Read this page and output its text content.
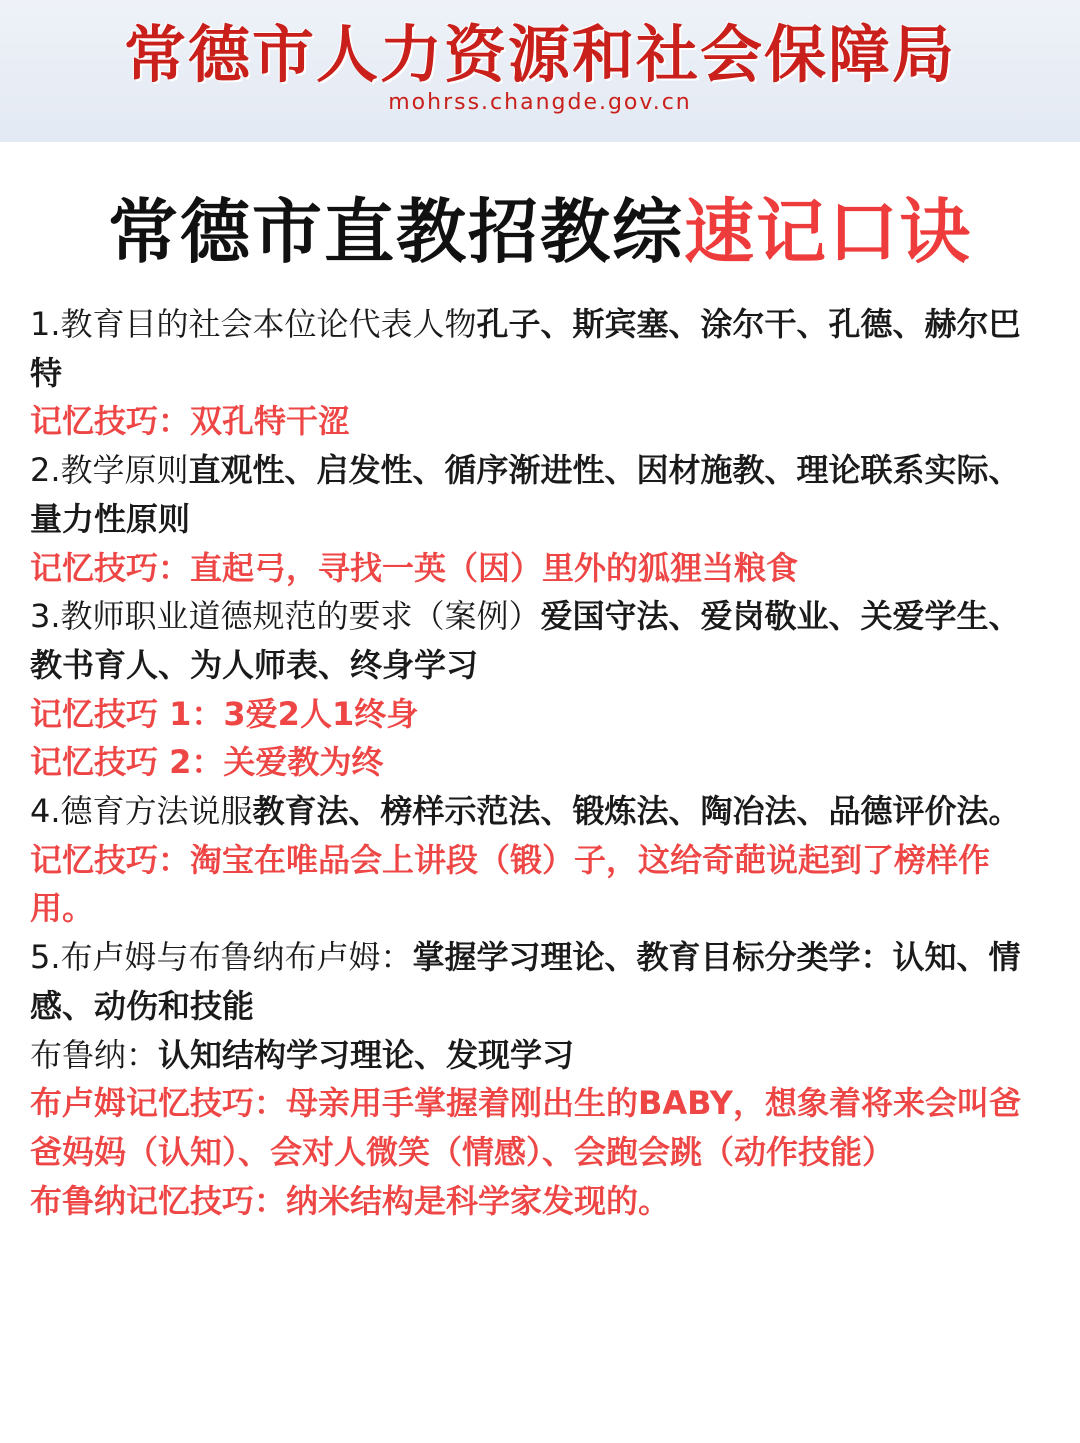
常德市人力资源和社会保障局
mohrss.changde.gov.cn
常德市直教招教综速记口诀

1.教育目的社会本位论代表人物孔子、斯宾塞、涂尔干、孔德、赫尔巴特

记忆技巧：双孔特干涩

2.教学原则直观性、启发性、循序渐进性、因材施教、理论联系实际、量力性原则

记忆技巧：直起弓，寻找一英（因）里外的狐狸当粮食

3.教师职业道德规范的要求（案例）爱国守法、爱岗敬业、关爱学生、教书育人、为人师表、终身学习

记忆技巧 1：3爱2人1终身

记忆技巧 2：关爱教为终

4.德育方法说服教育法、榜样示范法、锻炼法、陶冶法、品德评价法。

记忆技巧：淘宝在唯品会上讲段（锻）子，这给奇葩说起到了榜样作用。

5.布卢姆与布鲁纳布卢姆：掌握学习理论、教育目标分类学：认知、情感、动伤和技能

布鲁纳：认知结构学习理论、发现学习

布卢姆记忆技巧：母亲用手掌握着刚出生的BABY，想象着将来会叫爸爸妈妈（认知）、会对人微笑（情感）、会跑会跳（动作技能）

布鲁纳记忆技巧：纳米结构是科学家发现的。
